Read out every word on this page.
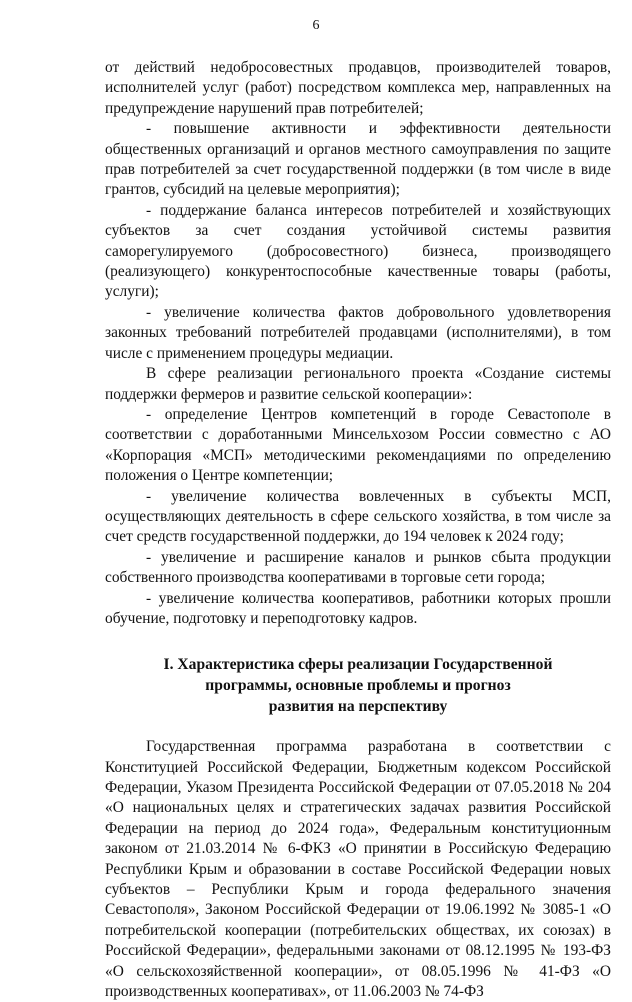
6

от действий недобросовестных продавцов, производителей товаров, исполнителей услуг (работ) посредством комплекса мер, направленных на предупреждение нарушений прав потребителей;

- повышение активности и эффективности деятельности общественных организаций и органов местного самоуправления по защите прав потребителей за счет государственной поддержки (в том числе в виде грантов, субсидий на целевые мероприятия);

- поддержание баланса интересов потребителей и хозяйствующих субъектов за счет создания устойчивой системы развития саморегулируемого (добросовестного) бизнеса, производящего (реализующего) конкурентоспособные качественные товары (работы, услуги);

- увеличение количества фактов добровольного удовлетворения законных требований потребителей продавцами (исполнителями), в том числе с применением процедуры медиации.

В сфере реализации регионального проекта «Создание системы поддержки фермеров и развитие сельской кооперации»:

- определение Центров компетенций в городе Севастополе в соответствии с доработанными Минсельхозом России совместно с АО «Корпорация «МСП» методическими рекомендациями по определению положения о Центре компетенции;

- увеличение количества вовлеченных в субъекты МСП, осуществляющих деятельность в сфере сельского хозяйства, в том числе за счет средств государственной поддержки, до 194 человек к 2024 году;

- увеличение и расширение каналов и рынков сбыта продукции собственного производства кооперативами в торговые сети города;

- увеличение количества кооперативов, работники которых прошли обучение, подготовку и переподготовку кадров.

I. Характеристика сферы реализации Государственной
программы, основные проблемы и прогноз
развития на перспективу

Государственная программа разработана в соответствии с Конституцией Российской Федерации, Бюджетным кодексом Российской Федерации, Указом Президента Российской Федерации от 07.05.2018 № 204 «О национальных целях и стратегических задачах развития Российской Федерации на период до 2024 года», Федеральным конституционным законом от 21.03.2014 № 6-ФКЗ «О принятии в Российскую Федерацию Республики Крым и образовании в составе Российской Федерации новых субъектов – Республики Крым и города федерального значения Севастополя», Законом Российской Федерации от 19.06.1992 № 3085-1 «О потребительской кооперации (потребительских обществах, их союзах) в Российской Федерации», федеральными законами от 08.12.1995 № 193-ФЗ «О сельскохозяйственной кооперации», от 08.05.1996 № 41-ФЗ «О производственных кооперативах», от 11.06.2003 № 74-ФЗ
